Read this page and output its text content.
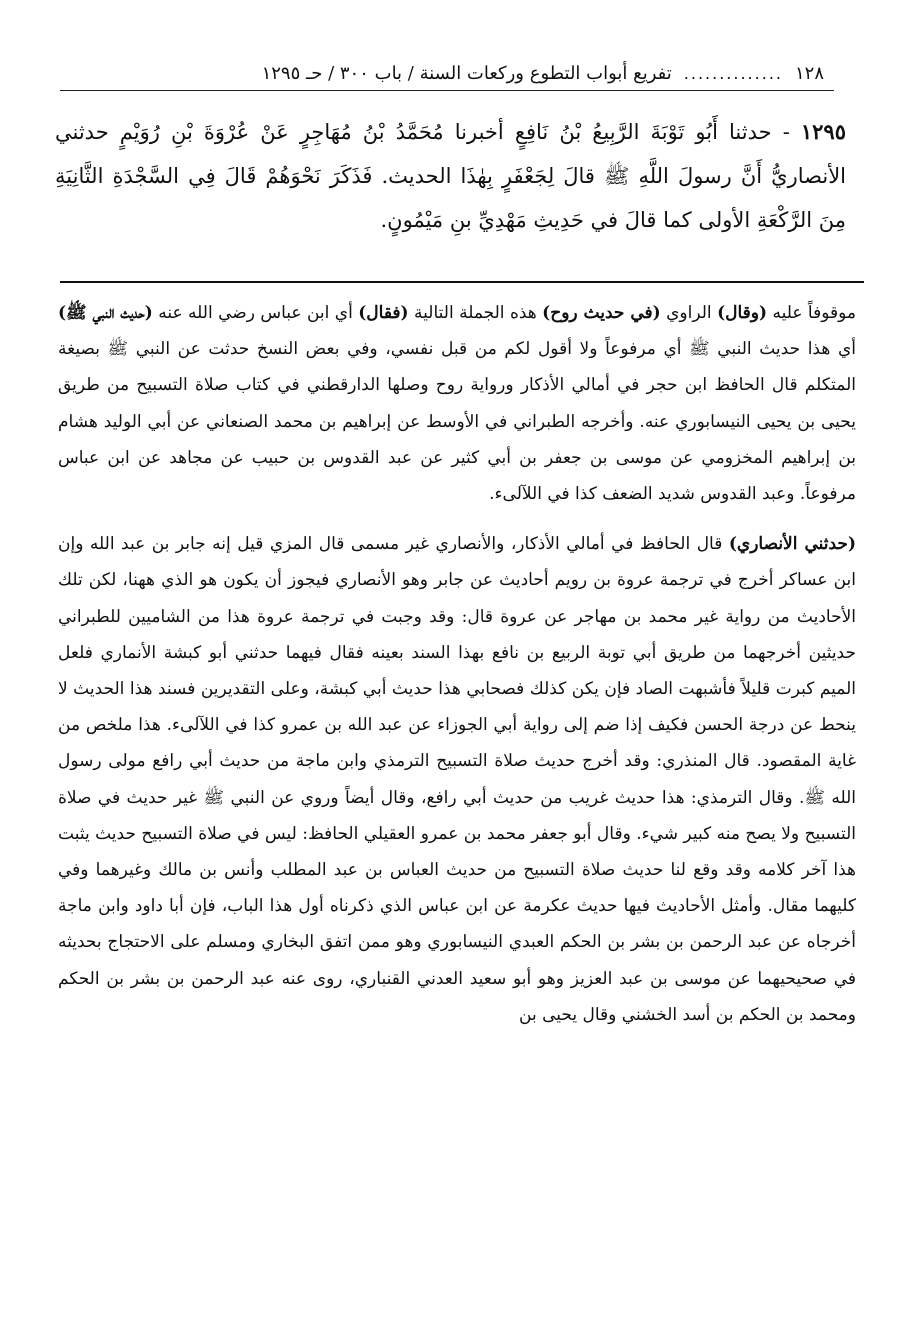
١٢٨
..............
تفريع أبواب التطوع وركعات السنة / باب ٣٠٠ / حـ ١٢٩٥
١٢٩٥ - حدثنا أَبُو تَوْبَةَ الرَّبِيعُ بْنُ نَافِعٍ أخبرنا مُحَمَّدُ بْنُ مُهَاجِرٍ عَنْ عُرْوَةَ بْنِ رُوَيْمٍ حدثني الأنصاريُّ أَنَّ رسولَ اللَّهِ ﷺ قالَ لِجَعْفَرٍ بِهٰذَا الحديث. فَذَكَرَ نَحْوَهُمْ قَالَ فِي السَّجْدَةِ الثَّانِيَةِ مِنَ الرَّكْعَةِ الأولى كما قالَ في حَدِيثِ مَهْدِيِّ بنِ مَيْمُونٍ.

موقوفاً عليه (وقال) الراوي (في حديث روح) هذه الجملة التالية (فقال) أي ابن عباس رضي الله عنه (حديث النبي ﷺ) أي هذا حديث النبي ﷺ أي مرفوعاً ولا أقول لكم من قبل نفسي، وفي بعض النسخ حدثت عن النبي ﷺ بصيغة المتكلم قال الحافظ ابن حجر في أمالي الأذكار ورواية روح وصلها الدارقطني في كتاب صلاة التسبيح من طريق يحيى بن يحيى النيسابوري عنه. وأخرجه الطبراني في الأوسط عن إبراهيم بن محمد الصنعاني عن أبي الوليد هشام بن إبراهيم المخزومي عن موسى بن جعفر بن أبي كثير عن عبد القدوس بن حبيب عن مجاهد عن ابن عباس مرفوعاً. وعبد القدوس شديد الضعف كذا في اللآلىء.

(حدثني الأنصاري) قال الحافظ في أمالي الأذكار، والأنصاري غير مسمى قال المزي قيل إنه جابر بن عبد الله وإن ابن عساكر أخرج في ترجمة عروة بن رويم أحاديث عن جابر وهو الأنصاري فيجوز أن يكون هو الذي ههنا، لكن تلك الأحاديث من رواية غير محمد بن مهاجر عن عروة قال: وقد وجبت في ترجمة عروة هذا من الشاميين للطبراني حديثين أخرجهما من طريق أبي توبة الربيع بن نافع بهذا السند بعينه فقال فيهما حدثني أبو كبشة الأنماري فلعل الميم كبرت قليلاً فأشبهت الصاد فإن يكن كذلك فصحابي هذا حديث أبي كبشة، وعلى التقديرين فسند هذا الحديث لا ينحط عن درجة الحسن فكيف إذا ضم إلى رواية أبي الجوزاء عن عبد الله بن عمرو كذا في اللآلىء. هذا ملخص من غاية المقصود. قال المنذري: وقد أخرج حديث صلاة التسبيح الترمذي وابن ماجة من حديث أبي رافع مولى رسول الله ﷺ. وقال الترمذي: هذا حديث غريب من حديث أبي رافع، وقال أيضاً وروي عن النبي ﷺ غير حديث في صلاة التسبيح ولا يصح منه كبير شيء. وقال أبو جعفر محمد بن عمرو العقيلي الحافظ: ليس في صلاة التسبيح حديث يثبت هذا آخر كلامه وقد وقع لنا حديث صلاة التسبيح من حديث العباس بن عبد المطلب وأنس بن مالك وغيرهما وفي كليهما مقال. وأمثل الأحاديث فيها حديث عكرمة عن ابن عباس الذي ذكرناه أول هذا الباب، فإن أبا داود وابن ماجة أخرجاه عن عبد الرحمن بن بشر بن الحكم العبدي النيسابوري وهو ممن اتفق البخاري ومسلم على الاحتجاج بحديثه في صحيحيهما عن موسى بن عبد العزيز وهو أبو سعيد العدني القنباري، روى عنه عبد الرحمن بن بشر بن الحكم ومحمد بن الحكم بن أسد الخشني وقال يحيى بن
